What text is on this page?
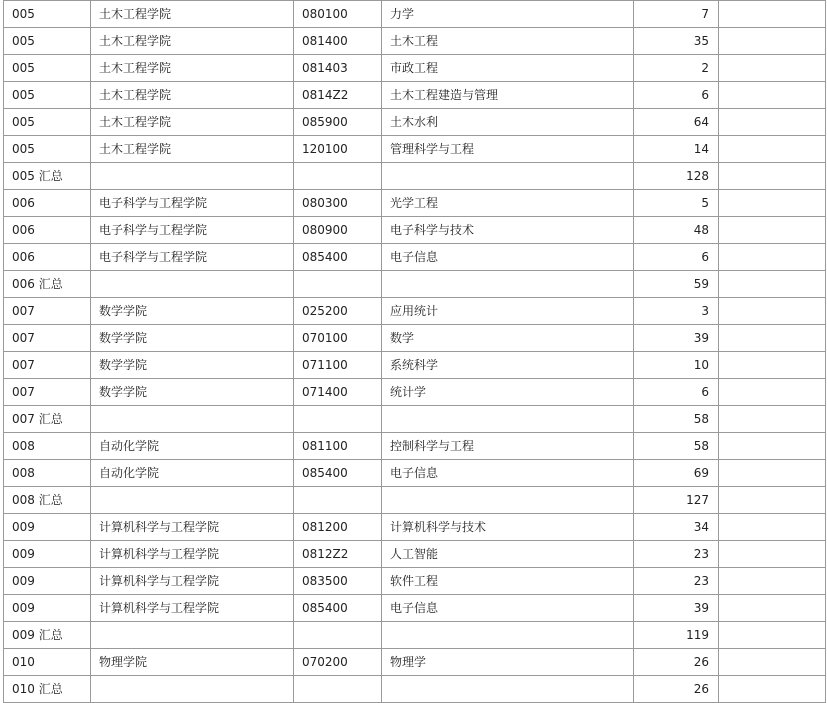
005	土木工程学院	080100	力学	7	
005	土木工程学院	081400	土木工程	35	
005	土木工程学院	081403	市政工程	2	
005	土木工程学院	0814Z2	土木工程建造与管理	6	
005	土木工程学院	085900	土木水利	64	
005	土木工程学院	120100	管理科学与工程	14	
005 汇总				128	
006	电子科学与工程学院	080300	光学工程	5	
006	电子科学与工程学院	080900	电子科学与技术	48	
006	电子科学与工程学院	085400	电子信息	6	
006 汇总				59	
007	数学学院	025200	应用统计	3	
007	数学学院	070100	数学	39	
007	数学学院	071100	系统科学	10	
007	数学学院	071400	统计学	6	
007 汇总				58	
008	自动化学院	081100	控制科学与工程	58	
008	自动化学院	085400	电子信息	69	
008 汇总				127	
009	计算机科学与工程学院	081200	计算机科学与技术	34	
009	计算机科学与工程学院	0812Z2	人工智能	23	
009	计算机科学与工程学院	083500	软件工程	23	
009	计算机科学与工程学院	085400	电子信息	39	
009 汇总				119	
010	物理学院	070200	物理学	26	
010 汇总				26	
